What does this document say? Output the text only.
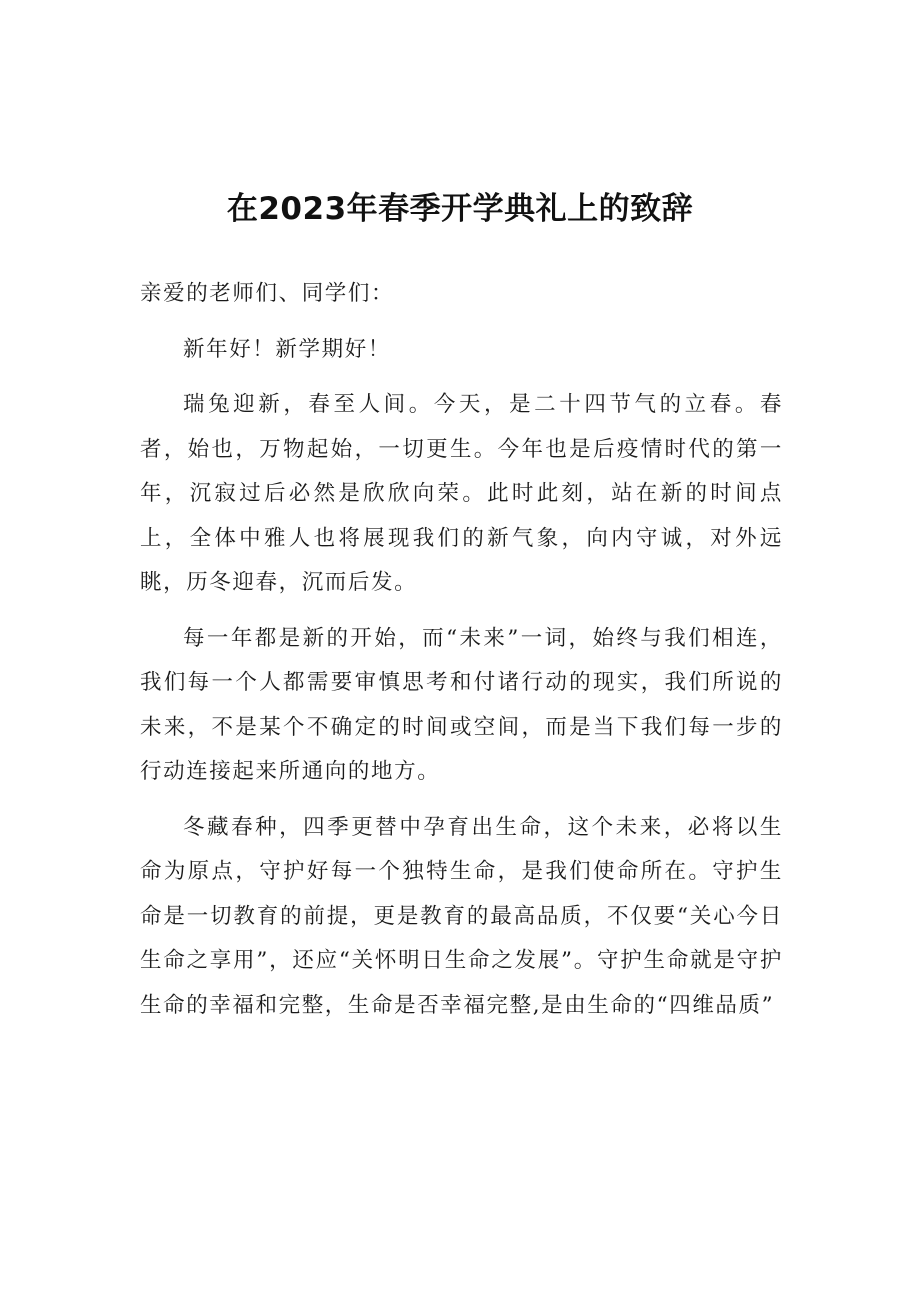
在2023年春季开学典礼上的致辞

亲爱的老师们、同学们：

新年好！新学期好！

瑞兔迎新，春至人间。今天，是二十四节气的立春。春者，始也，万物起始，一切更生。今年也是后疫情时代的第一年，沉寂过后必然是欣欣向荣。此时此刻，站在新的时间点上，全体中雅人也将展现我们的新气象，向内守诚，对外远眺，历冬迎春，沉而后发。

每一年都是新的开始，而“未来”一词，始终与我们相连，我们每一个人都需要审慎思考和付诸行动的现实，我们所说的未来，不是某个不确定的时间或空间，而是当下我们每一步的行动连接起来所通向的地方。

冬藏春种，四季更替中孕育出生命，这个未来，必将以生命为原点，守护好每一个独特生命，是我们使命所在。守护生命是一切教育的前提，更是教育的最高品质，不仅要“关心今日生命之享用”，还应“关怀明日生命之发展”。守护生命就是守护生命的幸福和完整，生命是否幸福完整,是由生命的“四维品质”
